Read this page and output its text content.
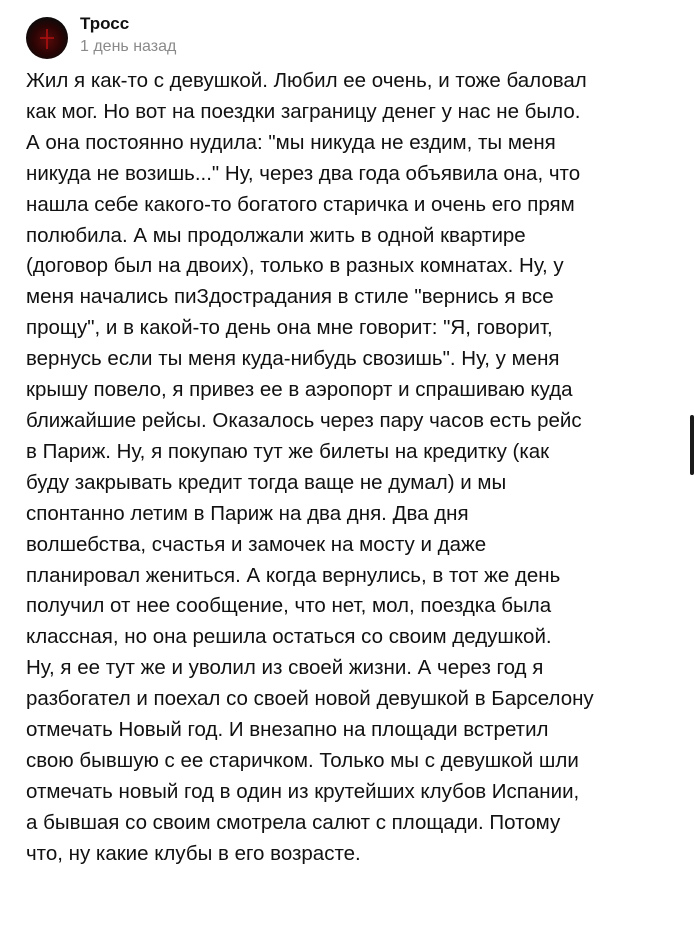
Тросс
1 день назад

Жил я как-то с девушкой. Любил ее очень, и тоже баловал
как мог. Но вот на поездки заграницу денег у нас не было.
А она постоянно нудила: "мы никуда не ездим, ты меня
никуда не возишь..." Ну, через два года объявила она, что
нашла себе какого-то богатого старичка и очень его прям
полюбила. А мы продолжали жить в одной квартире
(договор был на двоих), только в разных комнатах. Ну, у
меня начались пиЗдострадания в стиле "вернись я все
прощу", и в какой-то день она мне говорит: "Я, говорит,
вернусь если ты меня куда-нибудь свозишь". Ну, у меня
крышу повело, я привез ее в аэропорт и спрашиваю куда
ближайшие рейсы. Оказалось через пару часов есть рейс
в Париж. Ну, я покупаю тут же билеты на кредитку (как
буду закрывать кредит тогда ваще не думал) и мы
спонтанно летим в Париж на два дня. Два дня
волшебства, счастья и замочек на мосту и даже
планировал жениться. А когда вернулись, в тот же день
получил от нее сообщение, что нет, мол, поездка была
классная, но она решила остаться со своим дедушкой.
Ну, я ее тут же и уволил из своей жизни. А через год я
разбогател и поехал со своей новой девушкой в Барселону
отмечать Новый год. И внезапно на площади встретил
свою бывшую с ее старичком. Только мы с девушкой шли
отмечать новый год в один из крутейших клубов Испании,
а бывшая со своим смотрела салют с площади. Потому
что, ну какие клубы в его возрасте.
